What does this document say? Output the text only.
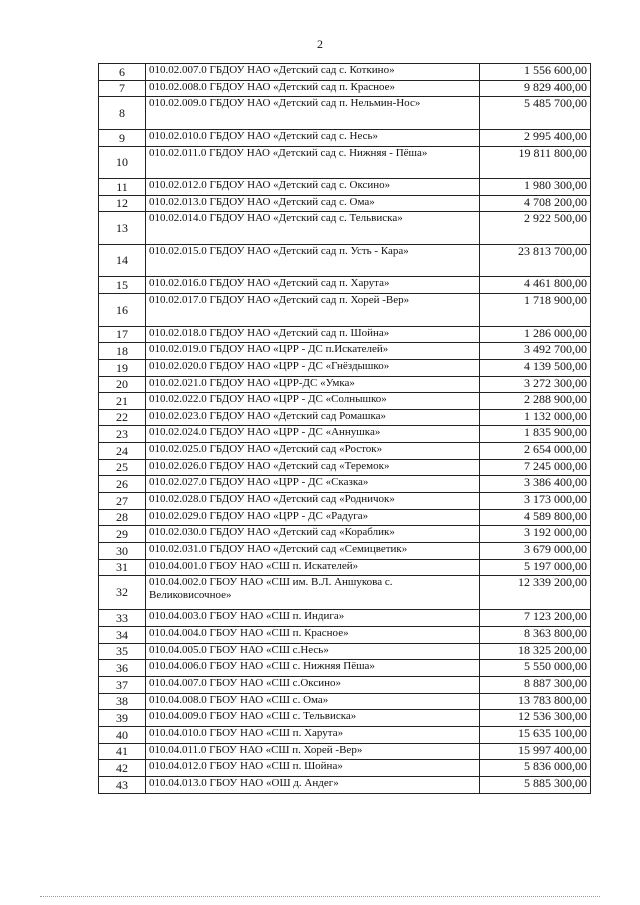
2
6	010.02.007.0 ГБДОУ НАО «Детский сад с. Коткино»	1 556 600,00
7	010.02.008.0 ГБДОУ НАО «Детский сад п. Красное»	9 829 400,00
8	010.02.009.0 ГБДОУ НАО «Детский сад п. Нельмин-Нос»	5 485 700,00
9	010.02.010.0 ГБДОУ НАО «Детский сад с. Несь»	2 995 400,00
10	010.02.011.0 ГБДОУ НАО «Детский сад с. Нижняя - Пёша»	19 811 800,00
11	010.02.012.0 ГБДОУ НАО «Детский сад с. Оксино»	1 980 300,00
12	010.02.013.0 ГБДОУ НАО «Детский сад с. Ома»	4 708 200,00
13	010.02.014.0 ГБДОУ НАО «Детский сад с. Тельвиска»	2 922 500,00
14	010.02.015.0 ГБДОУ НАО «Детский сад п. Усть - Кара»	23 813 700,00
15	010.02.016.0 ГБДОУ НАО «Детский сад п. Харута»	4 461 800,00
16	010.02.017.0 ГБДОУ НАО «Детский сад п. Хорей -Вер»	1 718 900,00
17	010.02.018.0 ГБДОУ НАО «Детский сад п. Шойна»	1 286 000,00
18	010.02.019.0 ГБДОУ НАО «ЦРР - ДС п.Искателей»	3 492 700,00
19	010.02.020.0 ГБДОУ НАО «ЦРР - ДС «Гнёздышко»	4 139 500,00
20	010.02.021.0 ГБДОУ НАО «ЦРР-ДС «Умка»	3 272 300,00
21	010.02.022.0 ГБДОУ НАО «ЦРР - ДС «Солнышко»	2 288 900,00
22	010.02.023.0 ГБДОУ НАО «Детский сад Ромашка»	1 132 000,00
23	010.02.024.0 ГБДОУ НАО «ЦРР - ДС «Аннушка»	1 835 900,00
24	010.02.025.0 ГБДОУ НАО «Детский сад «Росток»	2 654 000,00
25	010.02.026.0 ГБДОУ НАО «Детский сад «Теремок»	7 245 000,00
26	010.02.027.0 ГБДОУ НАО «ЦРР - ДС «Сказка»	3 386 400,00
27	010.02.028.0 ГБДОУ НАО «Детский сад «Родничок»	3 173 000,00
28	010.02.029.0 ГБДОУ НАО «ЦРР - ДС «Радуга»	4 589 800,00
29	010.02.030.0 ГБДОУ НАО «Детский сад «Кораблик»	3 192 000,00
30	010.02.031.0 ГБДОУ НАО «Детский сад «Семицветик»	3 679 000,00
31	010.04.001.0 ГБОУ НАО «СШ п. Искателей»	5 197 000,00
32	010.04.002.0 ГБОУ НАО «СШ им. В.Л. Аншукова с. Великовисочное»	12 339 200,00
33	010.04.003.0 ГБОУ НАО «СШ п. Индига»	7 123 200,00
34	010.04.004.0 ГБОУ НАО «СШ п. Красное»	8 363 800,00
35	010.04.005.0 ГБОУ НАО «СШ с.Несь»	18 325 200,00
36	010.04.006.0 ГБОУ НАО «СШ с. Нижняя Пёша»	5 550 000,00
37	010.04.007.0 ГБОУ НАО «СШ с.Оксино»	8 887 300,00
38	010.04.008.0 ГБОУ НАО «СШ с. Ома»	13 783 800,00
39	010.04.009.0 ГБОУ НАО «СШ с. Тельвиска»	12 536 300,00
40	010.04.010.0 ГБОУ НАО «СШ п. Харута»	15 635 100,00
41	010.04.011.0 ГБОУ НАО «СШ п. Хорей -Вер»	15 997 400,00
42	010.04.012.0 ГБОУ НАО «СШ п. Шойна»	5 836 000,00
43	010.04.013.0 ГБОУ НАО «ОШ д. Андег»	5 885 300,00
